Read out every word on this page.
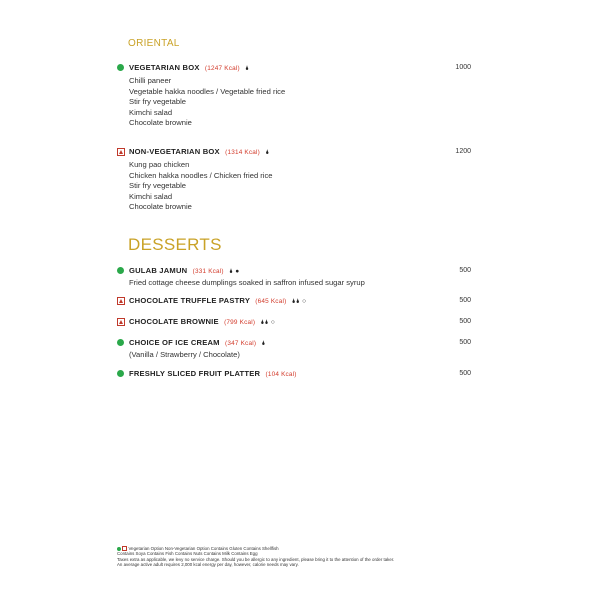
ORIENTAL
VEGETARIAN BOX (1247 Kcal) 🌢	1000
Chilli paneer
Vegetable hakka noodles / Vegetable fried rice
Stir fry vegetable
Kimchi salad
Chocolate brownie
NON-VEGETARIAN BOX (1314 Kcal) 🌢	1200
Kung pao chicken
Chicken hakka noodles / Chicken fried rice
Stir fry vegetable
Kimchi salad
Chocolate brownie
DESSERTS
GULAB JAMUN (331 Kcal) 🌢 ●	500
Fried cottage cheese dumplings soaked in saffron infused sugar syrup
CHOCOLATE TRUFFLE PASTRY (645 Kcal) 🌢🌢 ○	500
CHOCOLATE BROWNIE (799 Kcal) 🌢🌢 ○	500
CHOICE OF ICE CREAM (347 Kcal) 🌢	500
(Vanilla / Strawberry / Chocolate)
FRESHLY SLICED FRUIT PLATTER (104 Kcal)	500
Vegetarian Option Non-Vegetarian Option Contains Gluten Contains Shellfish
Contains Soya Contains Fish Contains Nuts Contains Milk Contains Egg
Taxes extra as applicable, we levy no service charge. Should you be allergic to any ingredient, please bring it to the attention of the order taker.
An average active adult requires 2,000 kcal energy per day, however, calorie needs may vary.
